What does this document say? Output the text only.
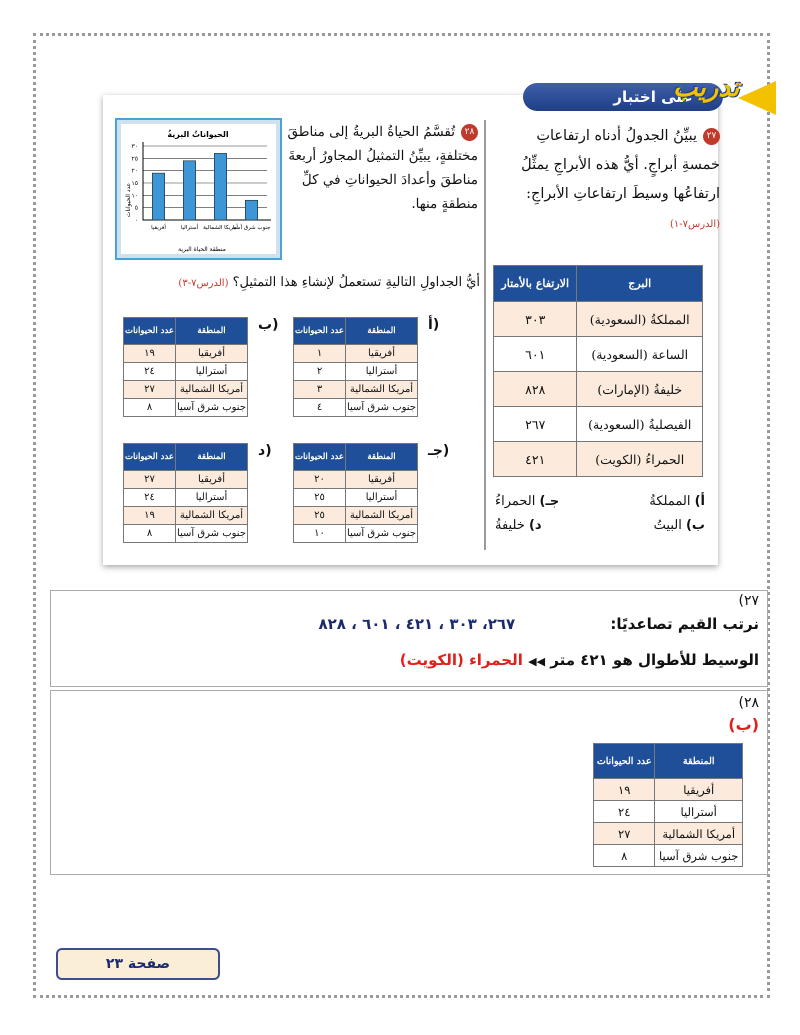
على اختبار
تدريب
٢٧يبيِّنُ الجدولُ أدناه ارتفاعاتِ خمسةِ أبراجٍ. أيُّ هذه الأبراجِ يمثِّلُ ارتفاعُها وسيطَ ارتفاعاتِ الأبراجِ: (الدرس٧-١)
البرج	الارتفاع بالأمتار
المملكةُ (السعودية)	٣٠٣
الساعة (السعودية)	٦٠١
خليفةُ (الإمارات)	٨٢٨
الفيصليةُ (السعودية)	٢٦٧
الحمراءُ (الكويت)	٤٢١
أ) المملكةُ
جـ) الحمراءُ
ب) البيتُ
د) خليفةُ
الحيواناتُ البريةُ
عدد الحيوانات
منطقة الحياة البرية
٠
٥
١٠
١٥
٢٠
٢٥
٣٠
أفريقيا	أستراليا أمريكا الشمالية
جنوب شرق آسيا
٢٨تُقسَّمُ الحياةُ البريةُ إلى مناطقَ مختلفةٍ، يبيِّنُ التمثيلُ المجاورُ أربعةَ مناطقَ وأعدادَ الحيواناتِ في كلِّ منطقةٍ منها.
أيُّ الجداولِ التاليةِ تستعملُ لإنشاءِ هذا التمثيلِ؟ (الدرس٧-٣)
أ)
ب)
جـ)
د)
المنطقة	عدد الحيوانات
أفريقيا	١
أستراليا	٢
أمريكا الشمالية	٣
جنوب شرق آسيا	٤
المنطقة	عدد الحيوانات
أفريقيا	١٩
أستراليا	٢٤
أمريكا الشمالية	٢٧
جنوب شرق آسيا	٨
المنطقة	عدد الحيوانات
أفريقيا	٢٠
أستراليا	٢٥
أمريكا الشمالية	٢٥
جنوب شرق آسيا	١٠
المنطقة	عدد الحيوانات
أفريقيا	٢٧
أستراليا	٢٤
أمريكا الشمالية	١٩
جنوب شرق آسيا	٨
(٢٧
نرتب القيم تصاعديًا: ٢٦٧، ٣٠٣ ، ٤٢١ ، ٦٠١ ، ٨٢٨
الوسيط للأطوال هو ٤٢١ متر ◀◀ الحمراء (الكويت)
(٢٨
(ب)
المنطقة	عدد الحيوانات
أفريقيا	١٩
أستراليا	٢٤
أمريكا الشمالية	٢٧
جنوب شرق آسيا	٨
صفحة ٢٣
